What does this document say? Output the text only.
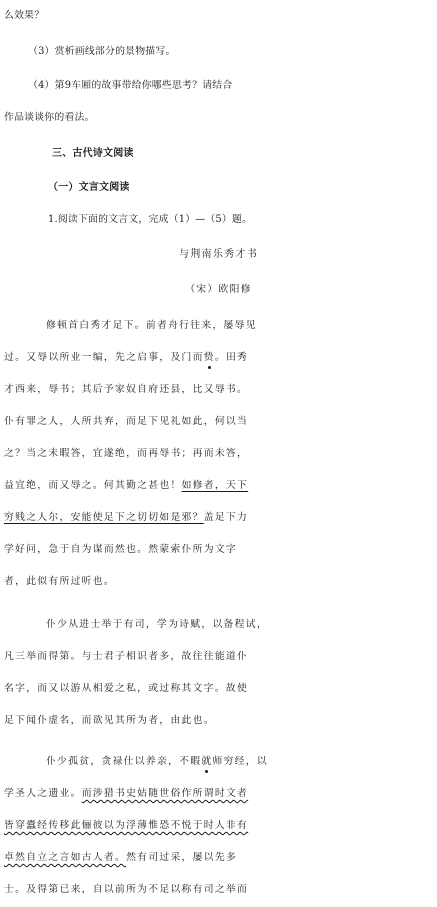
么效果？
（3）赏析画线部分的景物描写。
（4）第9车厢的故事带给你哪些思考？请结合
作品谈谈你的看法。
三、古代诗文阅读
（一）文言文阅读
1.阅读下面的文言文，完成（1）—（5）题。
与荆南乐秀才书
（宋）欧阳修
修顿首白秀才足下。前者舟行往来，屡辱见
过。又辱以所业一编，先之启事，及门而贽。田秀
才西来，辱书；其后予家奴自府还县，比又辱书。
仆有罪之人，人所共弃，而足下见礼如此，何以当
之？当之未暇答，宜遂绝，而再辱书；再而未答，
益宜绝，而又辱之。何其勤之甚也！如修者，天下
穷贱之人尔，安能使足下之切切如是邪？盖足下力
学好问，急于自为谋而然也。然蒙索仆所为文字
者，此似有所过听也。
仆少从进士举于有司，学为诗赋，以备程试，
凡三举而得第。与士君子相识者多，故往往能道仆
名字，而又以游从相爱之私，或过称其文字。故使
足下闻仆虚名，而欲见其所为者，由此也。
仆少孤贫，贪禄仕以养亲，不暇就师穷经，以
学圣人之遗业。而涉猎书史姑随世俗作所谓时文者
皆穿蠹经传移此俪彼以为浮薄惟恐不悦于时人非有
卓然自立之言如古人者。然有司过采，屡以先多
士。及得第已来，自以前所为不足以称有司之举而
